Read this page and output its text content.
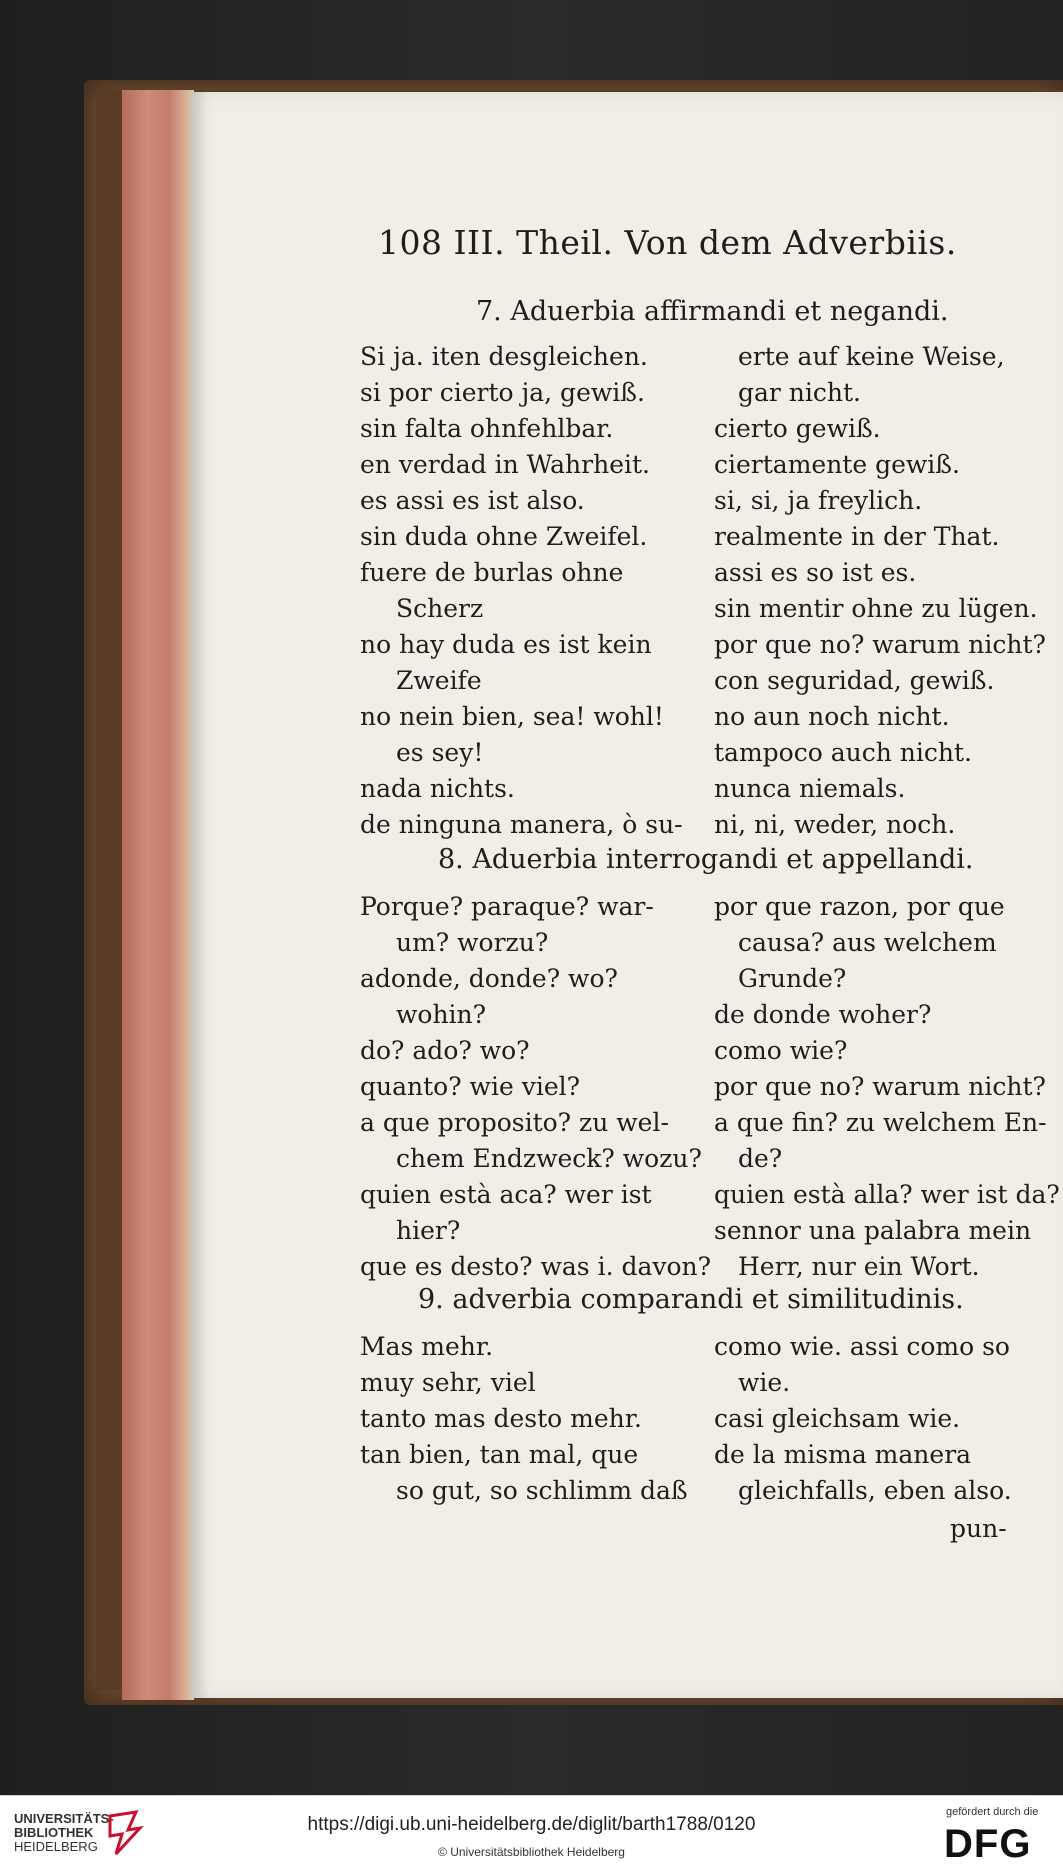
108 III. Theil. Von dem Adverbiis.
7. Aduerbia affirmandi et negandi.
Si ja. iten desgleichen.
si por cierto ja, gewiß.
sin falta ohnfehlbar.
en verdad in Wahrheit.
es assi es ist also.
sin duda ohne Zweifel.
fuere de burlas ohne
Scherz
no hay duda es ist kein
Zweife
no nein bien, sea! wohl!
es sey!
nada nichts.
de ninguna manera, ò su-
erte auf keine Weise,
gar nicht.
cierto gewiß.
ciertamente gewiß.
si, si, ja freylich.
realmente in der That.
assi es so ist es.
sin mentir ohne zu lügen.
por que no? warum nicht?
con seguridad, gewiß.
no aun noch nicht.
tampoco auch nicht.
nunca niemals.
ni, ni, weder, noch.
8. Aduerbia interrogandi et appellandi.
Porque? paraque? war-
um? worzu?
adonde, donde? wo?
wohin?
do? ado? wo?
quanto? wie viel?
a que proposito? zu wel-
chem Endzweck? wozu?
quien està aca? wer ist
hier?
que es desto? was i. davon?
por que razon, por que
causa? aus welchem
Grunde?
de donde woher?
como wie?
por que no? warum nicht?
a que fin? zu welchem En-
de?
quien està alla? wer ist da?
sennor una palabra mein
Herr, nur ein Wort.
9. adverbia comparandi et similitudinis.
Mas mehr.
muy sehr, viel
tanto mas desto mehr.
tan bien, tan mal, que
so gut, so schlimm daß
como wie. assi como so
wie.
casi gleichsam wie.
de la misma manera
gleichfalls, eben also.
pun-
UNIVERSITÄTS-
BIBLIOTHEK
HEIDELBERG
https://digi.ub.uni-heidelberg.de/diglit/barth1788/0120
© Universitätsbibliothek Heidelberg
gefördert durch die
DFG
